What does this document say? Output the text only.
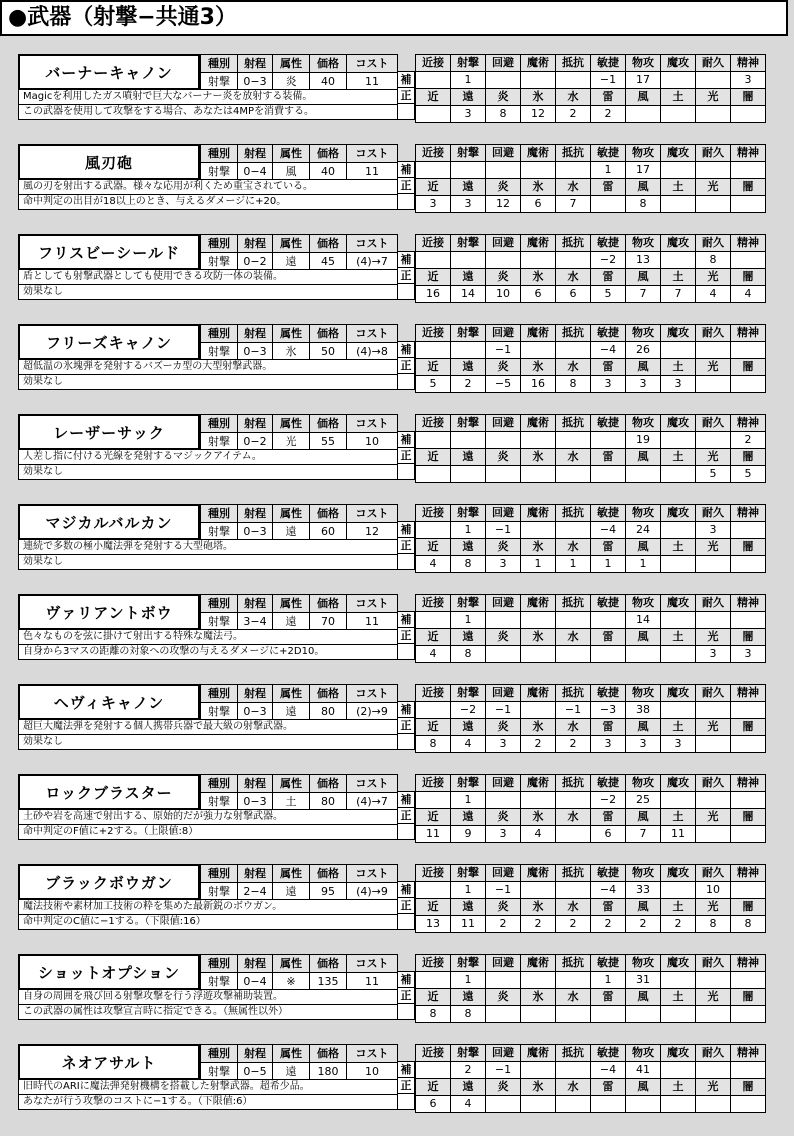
●武器（射撃−共通3）
バーナーキャノン	種別	射程	属性	価格	コスト
射撃	0−3	炎	40	11
Magicを利用したガス噴射で巨大なバーナー炎を放射する装備。
この武器を使用して攻撃をする場合、あなたは4MPを消費する。
補
正
近接	射撃	回避	魔術	抵抗	敏捷	物攻	魔攻	耐久	精神
	1				−1	17			3
近	遠	炎	氷	水	雷	風	土	光	闇
	3	8	12	2	2				
風刃砲	種別	射程	属性	価格	コスト
射撃	0−4	風	40	11
風の刃を射出する武器。様々な応用が利くため重宝されている。
命中判定の出目が18以上のとき、与えるダメージに+20。
補
正
近接	射撃	回避	魔術	抵抗	敏捷	物攻	魔攻	耐久	精神
					1	17			
近	遠	炎	氷	水	雷	風	土	光	闇
3	3	12	6	7		8			
フリスビーシールド	種別	射程	属性	価格	コスト
射撃	0−2	遠	45	(4)→7
盾としても射撃武器としても使用できる攻防一体の装備。
効果なし
補
正
近接	射撃	回避	魔術	抵抗	敏捷	物攻	魔攻	耐久	精神
					−2	13		8	
近	遠	炎	氷	水	雷	風	土	光	闇
16	14	10	6	6	5	7	7	4	4
フリーズキャノン	種別	射程	属性	価格	コスト
射撃	0−3	氷	50	(4)→8
超低温の氷塊弾を発射するバズーカ型の大型射撃武器。
効果なし
補
正
近接	射撃	回避	魔術	抵抗	敏捷	物攻	魔攻	耐久	精神
		−1			−4	26			
近	遠	炎	氷	水	雷	風	土	光	闇
5	2	−5	16	8	3	3	3		
レーザーサック	種別	射程	属性	価格	コスト
射撃	0−2	光	55	10
人差し指に付ける光線を発射するマジックアイテム。
効果なし
補
正
近接	射撃	回避	魔術	抵抗	敏捷	物攻	魔攻	耐久	精神
						19			2
近	遠	炎	氷	水	雷	風	土	光	闇
								5	5
マジカルバルカン	種別	射程	属性	価格	コスト
射撃	0−3	遠	60	12
連続で多数の極小魔法弾を発射する大型砲塔。
効果なし
補
正
近接	射撃	回避	魔術	抵抗	敏捷	物攻	魔攻	耐久	精神
	1	−1			−4	24		3	
近	遠	炎	氷	水	雷	風	土	光	闇
4	8	3	1	1	1	1			
ヴァリアントボウ	種別	射程	属性	価格	コスト
射撃	3−4	遠	70	11
色々なものを弦に掛けて射出する特殊な魔法弓。
自身から3マスの距離の対象への攻撃の与えるダメージに+2D10。
補
正
近接	射撃	回避	魔術	抵抗	敏捷	物攻	魔攻	耐久	精神
	1					14			
近	遠	炎	氷	水	雷	風	土	光	闇
4	8							3	3
ヘヴィキャノン	種別	射程	属性	価格	コスト
射撃	0−3	遠	80	(2)→9
超巨大魔法弾を発射する個人携帯兵器で最大級の射撃武器。
効果なし
補
正
近接	射撃	回避	魔術	抵抗	敏捷	物攻	魔攻	耐久	精神
	−2	−1		−1	−3	38			
近	遠	炎	氷	水	雷	風	土	光	闇
8	4	3	2	2	3	3	3		
ロックブラスター	種別	射程	属性	価格	コスト
射撃	0−3	土	80	(4)→7
土砂や岩を高速で射出する、原始的だが強力な射撃武器。
命中判定のF値に+2する。（上限値:8）
補
正
近接	射撃	回避	魔術	抵抗	敏捷	物攻	魔攻	耐久	精神
	1				−2	25			
近	遠	炎	氷	水	雷	風	土	光	闇
11	9	3	4		6	7	11		
ブラックボウガン	種別	射程	属性	価格	コスト
射撃	2−4	遠	95	(4)→9
魔法技術や素材加工技術の粋を集めた最新鋭のボウガン。
命中判定のC値に−1する。（下限値:16）
補
正
近接	射撃	回避	魔術	抵抗	敏捷	物攻	魔攻	耐久	精神
	1	−1			−4	33		10	
近	遠	炎	氷	水	雷	風	土	光	闇
13	11	2	2	2	2	2	2	8	8
ショットオプション	種別	射程	属性	価格	コスト
射撃	0−4	※	135	11
自身の周囲を飛び回る射撃攻撃を行う浮遊攻撃補助装置。
この武器の属性は攻撃宣言時に指定できる。（無属性以外）
補
正
近接	射撃	回避	魔術	抵抗	敏捷	物攻	魔攻	耐久	精神
	1				1	31			
近	遠	炎	氷	水	雷	風	土	光	闇
8	8								
ネオアサルト	種別	射程	属性	価格	コスト
射撃	0−5	遠	180	10
旧時代のARIに魔法弾発射機構を搭載した射撃武器。超希少品。
あなたが行う攻撃のコストに−1する。（下限値:6）
補
正
近接	射撃	回避	魔術	抵抗	敏捷	物攻	魔攻	耐久	精神
	2	−1			−4	41			
近	遠	炎	氷	水	雷	風	土	光	闇
6	4								
